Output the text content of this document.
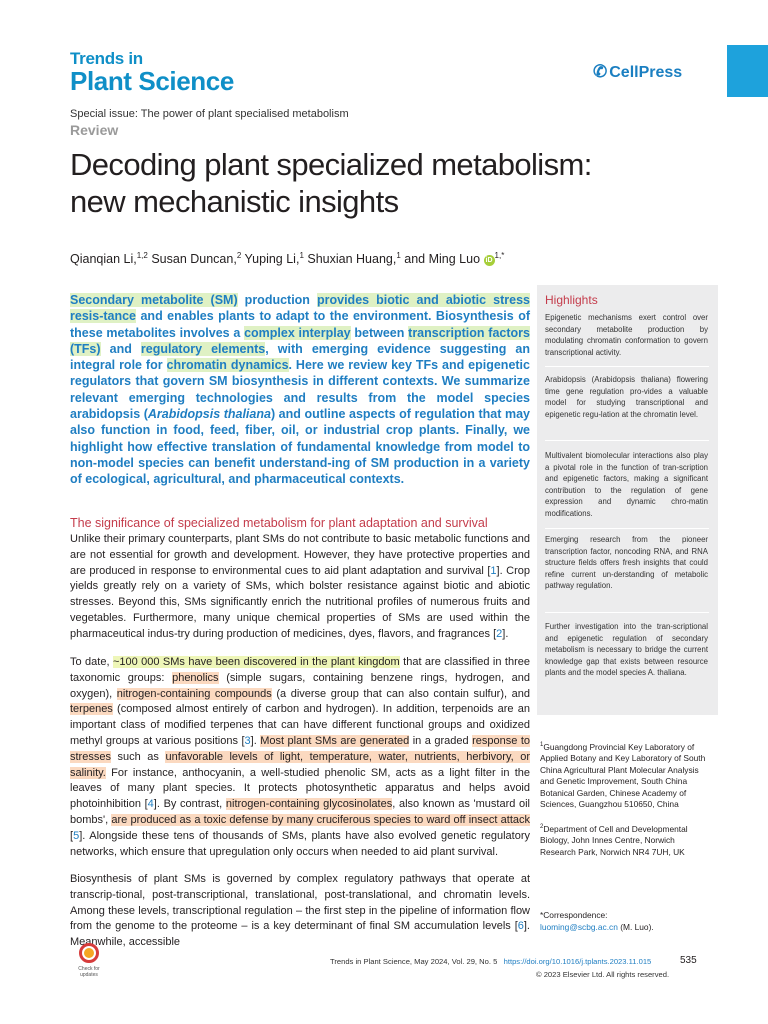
Trends in
Plant Science	✆ CellPress
Special issue: The power of plant specialised metabolism
Review
Decoding plant specialized metabolism:
new mechanistic insights
Qianqian Li,$^{1,2}$ Susan Duncan,$^2$ Yuping Li,$^1$ Shuxian Huang,$^1$ and Ming Luo $iD^{1,*}$
Secondary metabolite (SM) production provides biotic and abiotic stress resis-tance and enables plants to adapt to the environment. Biosynthesis of these metabolites involves a complex interplay between transcription factors (TFs) and regulatory elements, with emerging evidence suggesting an integral role for chromatin dynamics. Here we review key TFs and epigenetic regulators that govern SM biosynthesis in different contexts. We summarize relevant emerging technologies and results from the model species arabidopsis (Arabidopsis thaliana) and outline aspects of regulation that may also function in food, feed, fiber, oil, or industrial crop plants. Finally, we highlight how effective translation of fundamental knowledge from model to non-model species can benefit understand-ing of SM production in a variety of ecological, agricultural, and pharmaceutical contexts.
The significance of specialized metabolism for plant adaptation and survival
Unlike their primary counterparts, plant SMs do not contribute to basic metabolic functions and are not essential for growth and development. However, they have protective properties and are produced in response to environmental cues to aid plant adaptation and survival [1]. Crop yields greatly rely on a variety of SMs, which bolster resistance against biotic and abiotic stresses. Beyond this, SMs significantly enrich the nutritional profiles of numerous fruits and vegetables. Furthermore, many unique chemical properties of SMs are used within the pharmaceutical indus-try during production of medicines, dyes, flavors, and fragrances [2].
To date, ~100 000 SMs have been discovered in the plant kingdom that are classified in three taxonomic groups: phenolics (simple sugars, containing benzene rings, hydrogen, and oxygen), nitrogen-containing compounds (a diverse group that can also contain sulfur), and terpenes (composed almost entirely of carbon and hydrogen). In addition, terpenoids are an important class of modified terpenes that can have different functional groups and oxidized methyl groups at various positions [3]. Most plant SMs are generated in a graded response to stresses such as unfavorable levels of light, temperature, water, nutrients, herbivory, or salinity. For instance, anthocyanin, a well-studied phenolic SM, acts as a light filter in the leaves of many plant species. It protects photosynthetic apparatus and helps avoid photoinhibition [4]. By contrast, nitrogen-containing glycosinolates, also known as 'mustard oil bombs', are produced as a toxic defense by many cruciferous species to ward off insect attack [5]. Alongside these tens of thousands of SMs, plants have also evolved genetic regulatory networks, which ensure that upregulation only occurs when needed to aid plant survival.
Biosynthesis of plant SMs is governed by complex regulatory pathways that operate at transcrip-tional, post-transcriptional, translational, post-translational, and chromatin levels. Among these levels, transcriptional regulation – the first step in the pipeline of information flow from the genome to the proteome – is a key determinant of final SM accumulation levels [6]. Meanwhile, accessible
Highlights
Epigenetic mechanisms exert control over secondary metabolite production by modulating chromatin conformation to govern transcriptional activity.
Arabidopsis (Arabidopsis thaliana) flowering time gene regulation pro-vides a valuable model for studying transcriptional and epigenetic regu-lation at the chromatin level.
Multivalent biomolecular interactions also play a pivotal role in the function of tran-scription and epigenetic factors, making a significant contribution to the regulation of gene expression and dynamic chro-matin modifications.
Emerging research from the pioneer transcription factor, noncoding RNA, and RNA structure fields offers fresh insights that could refine current un-derstanding of metabolic pathway regulation.
Further investigation into the tran-scriptional and epigenetic regulation of secondary metabolism is necessary to bridge the current knowledge gap that exists between resource plants and the model species A. thaliana.
$^1$Guangdong Provincial Key Laboratory of Applied Botany and Key Laboratory of South China Agricultural Plant Molecular Analysis and Genetic Improvement, South China Botanical Garden, Chinese Academy of Sciences, Guangzhou 510650, China
$^2$Department of Cell and Developmental Biology, John Innes Centre, Norwich Research Park, Norwich NR4 7UH, UK
*Correspondence:
luoming@scbg.ac.cn (M. Luo).
Check for updates
Trends in Plant Science, May 2024, Vol. 29, No. 5 https://doi.org/10.1016/j.tplants.2023.11.015	535
© 2023 Elsevier Ltd. All rights reserved.
